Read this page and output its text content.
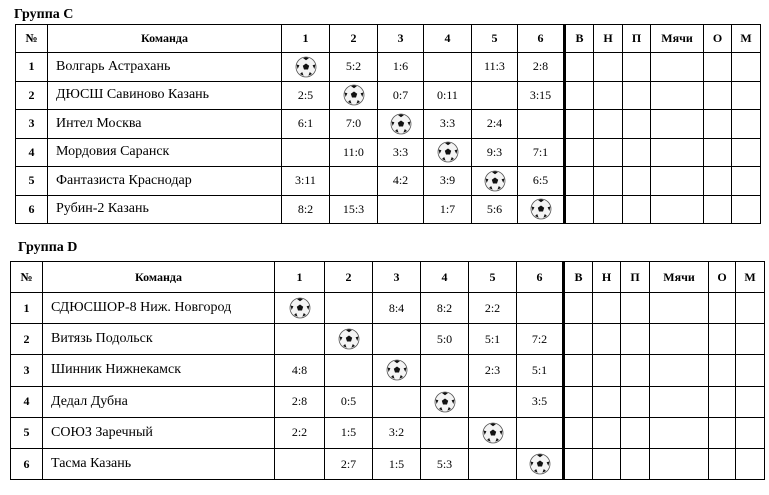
Группа C
№	Команда	1	2	3	4	5	6	В	Н	П	Мячи	О	М
1	Волгарь Астрахань		5:2	1:6		11:3	2:8						
2	ДЮСШ Савиново Казань	2:5		0:7	0:11		3:15						
3	Интел Москва	6:1	7:0		3:3	2:4							
4	Мордовия Саранск		11:0	3:3		9:3	7:1						
5	Фантазиста Краснодар	3:11		4:2	3:9		6:5						
6	Рубин-2 Казань	8:2	15:3		1:7	5:6	

Группа D
№	Команда	1	2	3	4	5	6	В	Н	П	Мячи	О	М
1	СДЮСШОР-8 Ниж. Новгород			8:4	8:2	2:2							
2	Витязь Подольск				5:0	5:1	7:2						
3	Шинник Нижнекамск	4:8				2:3	5:1						
4	Дедал Дубна	2:8	0:5				3:5						
5	СОЮЗ Заречный	2:2	1:5	3:2		

6	Тасма Казань		2:7	1:5	5:3		
